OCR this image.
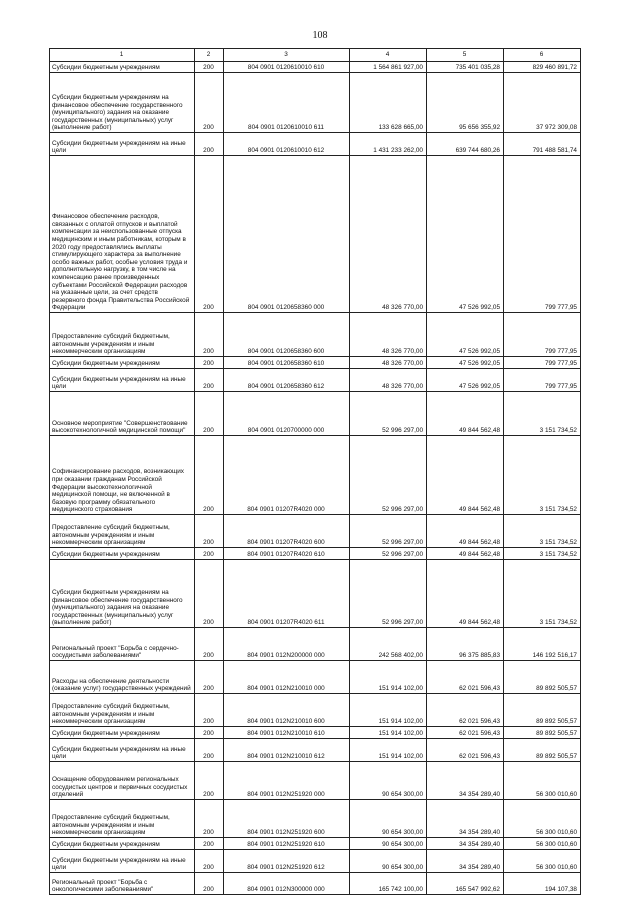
108
1	2	3	4	5	6
Субсидии бюджетным учреждениям	200	804 0901 0120610010 610	1 564 861 927,00	735 401 035,28	829 460 891,72
Субсидии бюджетным учреждениям на финансовое обеспечение государственного (муниципального) задания на оказание государственных (муниципальных) услуг (выполнение работ)	200	804 0901 0120610010 611	133 628 665,00	95 656 355,92	37 972 309,08
Субсидии бюджетным учреждениям на иные цели	200	804 0901 0120610010 612	1 431 233 262,00	639 744 680,26	791 488 581,74
Финансовое обеспечение расходов, связанных с оплатой отпусков и выплатой компенсации за неиспользованные отпуска медицинским и иным работникам, которым в 2020 году предоставлялись выплаты стимулирующего характера за выполнение особо важных работ, особые условия труда и дополнительную нагрузку, в том числе на компенсацию ранее произведенных субъектами Российской Федерации расходов на указанные цели, за счет средств резервного фонда Правительства Российской Федерации	200	804 0901 0120658360 000	48 326 770,00	47 526 992,05	799 777,95
Предоставление субсидий бюджетным, автономным учреждениям и иным некоммерческим организациям	200	804 0901 0120658360 600	48 326 770,00	47 526 992,05	799 777,95
Субсидии бюджетным учреждениям	200	804 0901 0120658360 610	48 326 770,00	47 526 992,05	799 777,95
Субсидии бюджетным учреждениям на иные цели	200	804 0901 0120658360 612	48 326 770,00	47 526 992,05	799 777,95
Основное мероприятие "Совершенствование высокотехнологичной медицинской помощи"	200	804 0901 0120700000 000	52 996 297,00	49 844 562,48	3 151 734,52
Софинансирование расходов, возникающих при оказании гражданам Российской Федерации высокотехнологичной медицинской помощи, не включенной в базовую программу обязательного медицинского страхования	200	804 0901 01207R4020 000	52 996 297,00	49 844 562,48	3 151 734,52
Предоставление субсидий бюджетным, автономным учреждениям и иным некоммерческим организациям	200	804 0901 01207R4020 600	52 996 297,00	49 844 562,48	3 151 734,52
Субсидии бюджетным учреждениям	200	804 0901 01207R4020 610	52 996 297,00	49 844 562,48	3 151 734,52
Субсидии бюджетным учреждениям на финансовое обеспечение государственного (муниципального) задания на оказание государственных (муниципальных) услуг (выполнение работ)	200	804 0901 01207R4020 611	52 996 297,00	49 844 562,48	3 151 734,52
Региональный проект "Борьба с сердечно-сосудистыми заболеваниями"	200	804 0901 012N200000 000	242 568 402,00	96 375 885,83	146 192 516,17
Расходы на обеспечение деятельности (оказание услуг) государственных учреждений	200	804 0901 012N210010 000	151 914 102,00	62 021 596,43	89 892 505,57
Предоставление субсидий бюджетным, автономным учреждениям и иным некоммерческим организациям	200	804 0901 012N210010 600	151 914 102,00	62 021 596,43	89 892 505,57
Субсидии бюджетным учреждениям	200	804 0901 012N210010 610	151 914 102,00	62 021 596,43	89 892 505,57
Субсидии бюджетным учреждениям на иные цели	200	804 0901 012N210010 612	151 914 102,00	62 021 596,43	89 892 505,57
Оснащение оборудованием региональных сосудистых центров и первичных сосудистых отделений	200	804 0901 012N251920 000	90 654 300,00	34 354 289,40	56 300 010,60
Предоставление субсидий бюджетным, автономным учреждениям и иным некоммерческим организациям	200	804 0901 012N251920 600	90 654 300,00	34 354 289,40	56 300 010,60
Субсидии бюджетным учреждениям	200	804 0901 012N251920 610	90 654 300,00	34 354 289,40	56 300 010,60
Субсидии бюджетным учреждениям на иные цели	200	804 0901 012N251920 612	90 654 300,00	34 354 289,40	56 300 010,60
Региональный проект "Борьба с онкологическими заболеваниями"	200	804 0901 012N300000 000	165 742 100,00	165 547 992,62	194 107,38
